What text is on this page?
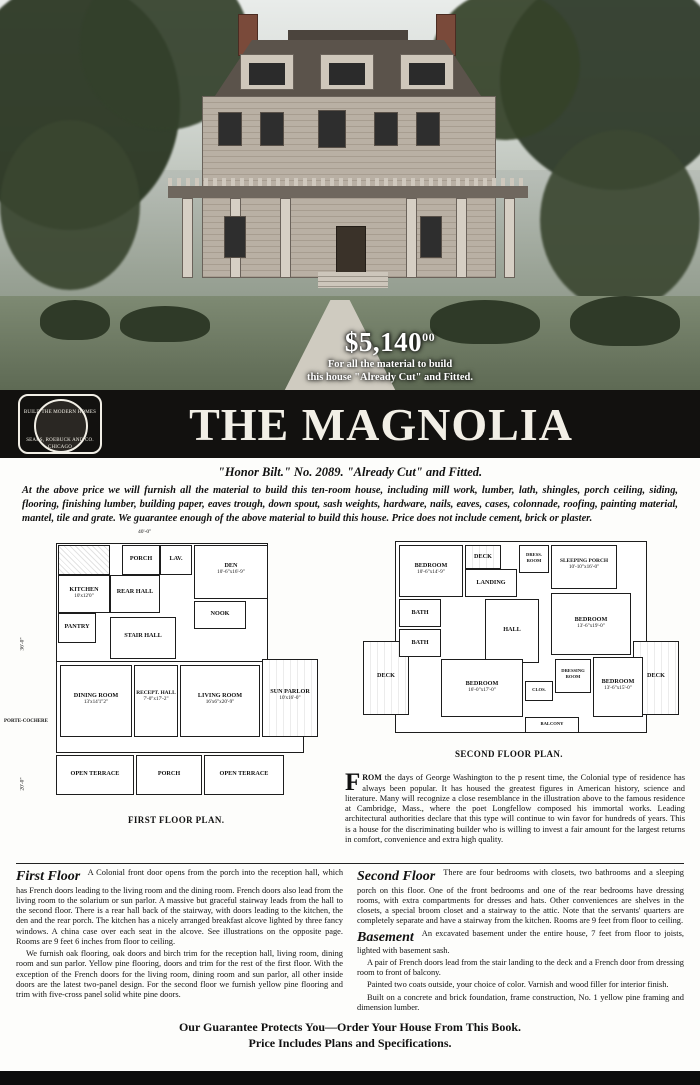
$5,140$^{00}$
For all the material to build
this house "Already Cut" and Fitted.
BUILD THE MODERN HOMES
SEARS, ROEBUCK AND CO.
CHICAGO	THE MAGNOLIA
"Honor Bilt." No. 2089. "Already Cut" and Fitted.
At the above price we will furnish all the material to build this ten-room house, including mill work, lumber, lath, shingles, porch ceiling, siding, flooring, finishing lumber, building paper, eaves trough, down spout, sash weights, hardware, nails, eaves, cases, colonnade, roofing, painting material, mantel, tile and grate. We guarantee enough of the above material to build this house. Price does not include cement, brick or plaster.
40'-0"
36'-0"
20'-0"
PORTE-COCHERE
KITCHEN
10'x12'0"
PANTRY
REAR HALL
LAV.
PORCH
DEN
10'-6"x16'-9"
NOOK
STAIR HALL
DINING ROOM
13'x14'1"2"
RECEPT. HALL
7'-0"x17'-2"	LIVING ROOM
16'x6"x20'-9"
SUN PARLOR
10'x16'-0"
OPEN TERRACE	PORCH	OPEN TERRACE
FIRST FLOOR PLAN.
DECK	DECK
BEDROOM
10'-6"x14'-9"
DECK
LANDING
DRESS. ROOM	SLEEPING PORCH
10'-10"x16'-0"
BATH
BATH
HALL
BEDROOM
13'-6"x19'-0"
BEDROOM
16'-0"x17'-0"	CLOS.
DRESSING ROOM
BEDROOM
13'-6"x15'-0"
BALCONY
SECOND FLOOR PLAN.
FROM the days of George Washington to the p resent time, the Colonial type of residence has always been popular. It has housed the greatest figures in American history, science and literature. Many will recognize a close resemblance in the illustration above to the famous residence at Cambridge, Mass., where the poet Longfellow composed his immortal works. Leading architectural authorities declare that this type will continue to win favor for hundreds of years. This is a house for the discriminating builder who is willing to invest a fair amount for the largest returns in comfort, convenience and extra high quality.
First Floor A Colonial front door opens from the porch into the reception hall, which has French doors leading to the living room and the dining room. French doors also lead from the living room to the solarium or sun parlor. A massive but graceful stairway leads from the hall to the second floor. There is a rear hall back of the stairway, with doors leading to the kitchen, the den and the rear porch. The kitchen has a nicely arranged breakfast alcove lighted by three fancy windows. A china case over each seat in the alcove. See illustrations on the opposite page. Rooms are 9 feet 6 inches from floor to ceiling.
We furnish oak flooring, oak doors and birch trim for the reception hall, living room, dining room and sun parlor. Yellow pine flooring, doors and trim for the rest of the first floor. With the exception of the French doors for the living room, dining room and sun parlor, all other inside doors are the latest two-panel design. For the second floor we furnish yellow pine flooring and trim with five-cross panel solid white pine doors.
Second Floor There are four bedrooms with closets, two bathrooms and a sleeping porch on this floor. One of the front bedrooms and one of the rear bedrooms have dressing rooms, with extra compartments for dresses and hats. Other conveniences are shelves in the closets, a special broom closet and a stairway to the attic. Note that the servants' quarters are completely separate and have a stairway from the kitchen. Rooms are 9 feet from floor to ceiling.
Basement An excavated basement under the entire house, 7 feet from floor to joists, lighted with basement sash.
A pair of French doors lead from the stair landing to the deck and a French door from dressing room to front of balcony.
Painted two coats outside, your choice of color. Varnish and wood filler for interior finish.
Built on a concrete and brick foundation, frame construction, No. 1 yellow pine framing and dimension lumber.
Our Guarantee Protects You—Order Your House From This Book.
Price Includes Plans and Specifications.
